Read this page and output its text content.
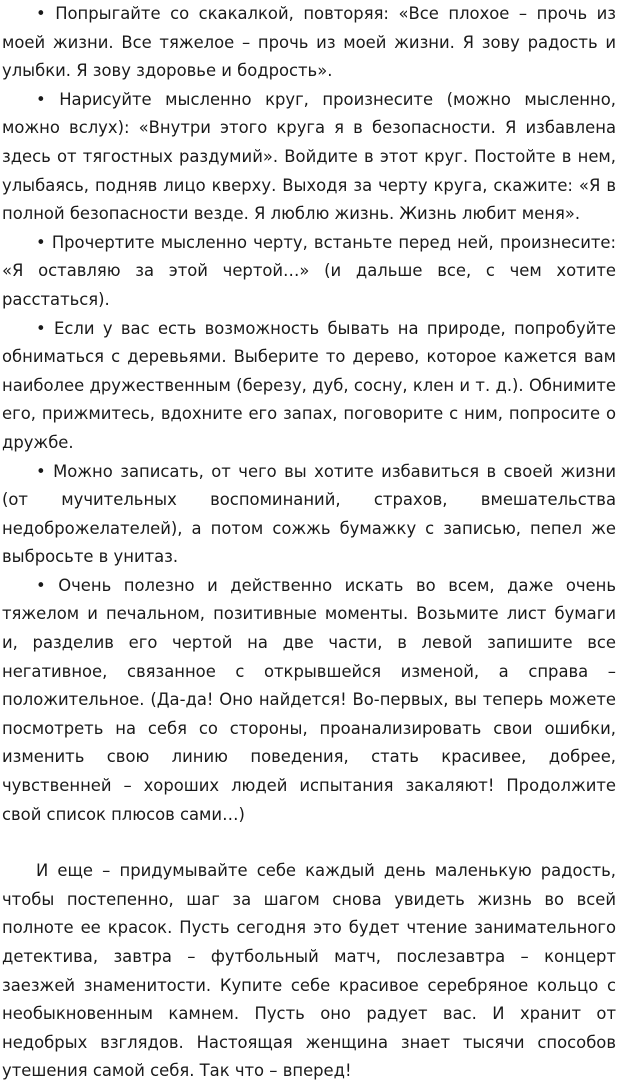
• Попрыгайте со скакалкой, повторяя: «Все плохое – прочь из моей жизни. Все тяжелое – прочь из моей жизни. Я зову радость и улыбки. Я зову здоровье и бодрость».

• Нарисуйте мысленно круг, произнесите (можно мысленно, можно вслух): «Внутри этого круга я в безопасности. Я избавлена здесь от тягостных раздумий». Войдите в этот круг. Постойте в нем, улыбаясь, подняв лицо кверху. Выходя за черту круга, скажите: «Я в полной безопасности везде. Я люблю жизнь. Жизнь любит меня».

• Прочертите мысленно черту, встаньте перед ней, произнесите: «Я оставляю за этой чертой…» (и дальше все, с чем хотите расстаться).

• Если у вас есть возможность бывать на природе, попробуйте обниматься с деревьями. Выберите то дерево, которое кажется вам наиболее дружественным (березу, дуб, сосну, клен и т. д.). Обнимите его, прижмитесь, вдохните его запах, поговорите с ним, попросите о дружбе.

• Можно записать, от чего вы хотите избавиться в своей жизни (от мучительных воспоминаний, страхов, вмешательства недоброжелателей), а потом сожжь бумажку с записью, пепел же выбросьте в унитаз.

• Очень полезно и действенно искать во всем, даже очень тяжелом и печальном, позитивные моменты. Возьмите лист бумаги и, разделив его чертой на две части, в левой запишите все негативное, связанное с открывшейся изменой, а справа – положительное. (Да-да! Оно найдется! Во-первых, вы теперь можете посмотреть на себя со стороны, проанализировать свои ошибки, изменить свою линию поведения, стать красивее, добрее, чувственней – хороших людей испытания закаляют! Продолжите свой список плюсов сами…)

И еще – придумывайте себе каждый день маленькую радость, чтобы постепенно, шаг за шагом снова увидеть жизнь во всей полноте ее красок. Пусть сегодня это будет чтение занимательного детектива, завтра – футбольный матч, послезавтра – концерт заезжей знаменитости. Купите себе красивое серебряное кольцо с необыкновенным камнем. Пусть оно радует вас. И хранит от недобрых взглядов. Настоящая женщина знает тысячи способов утешения самой себя. Так что – вперед!
